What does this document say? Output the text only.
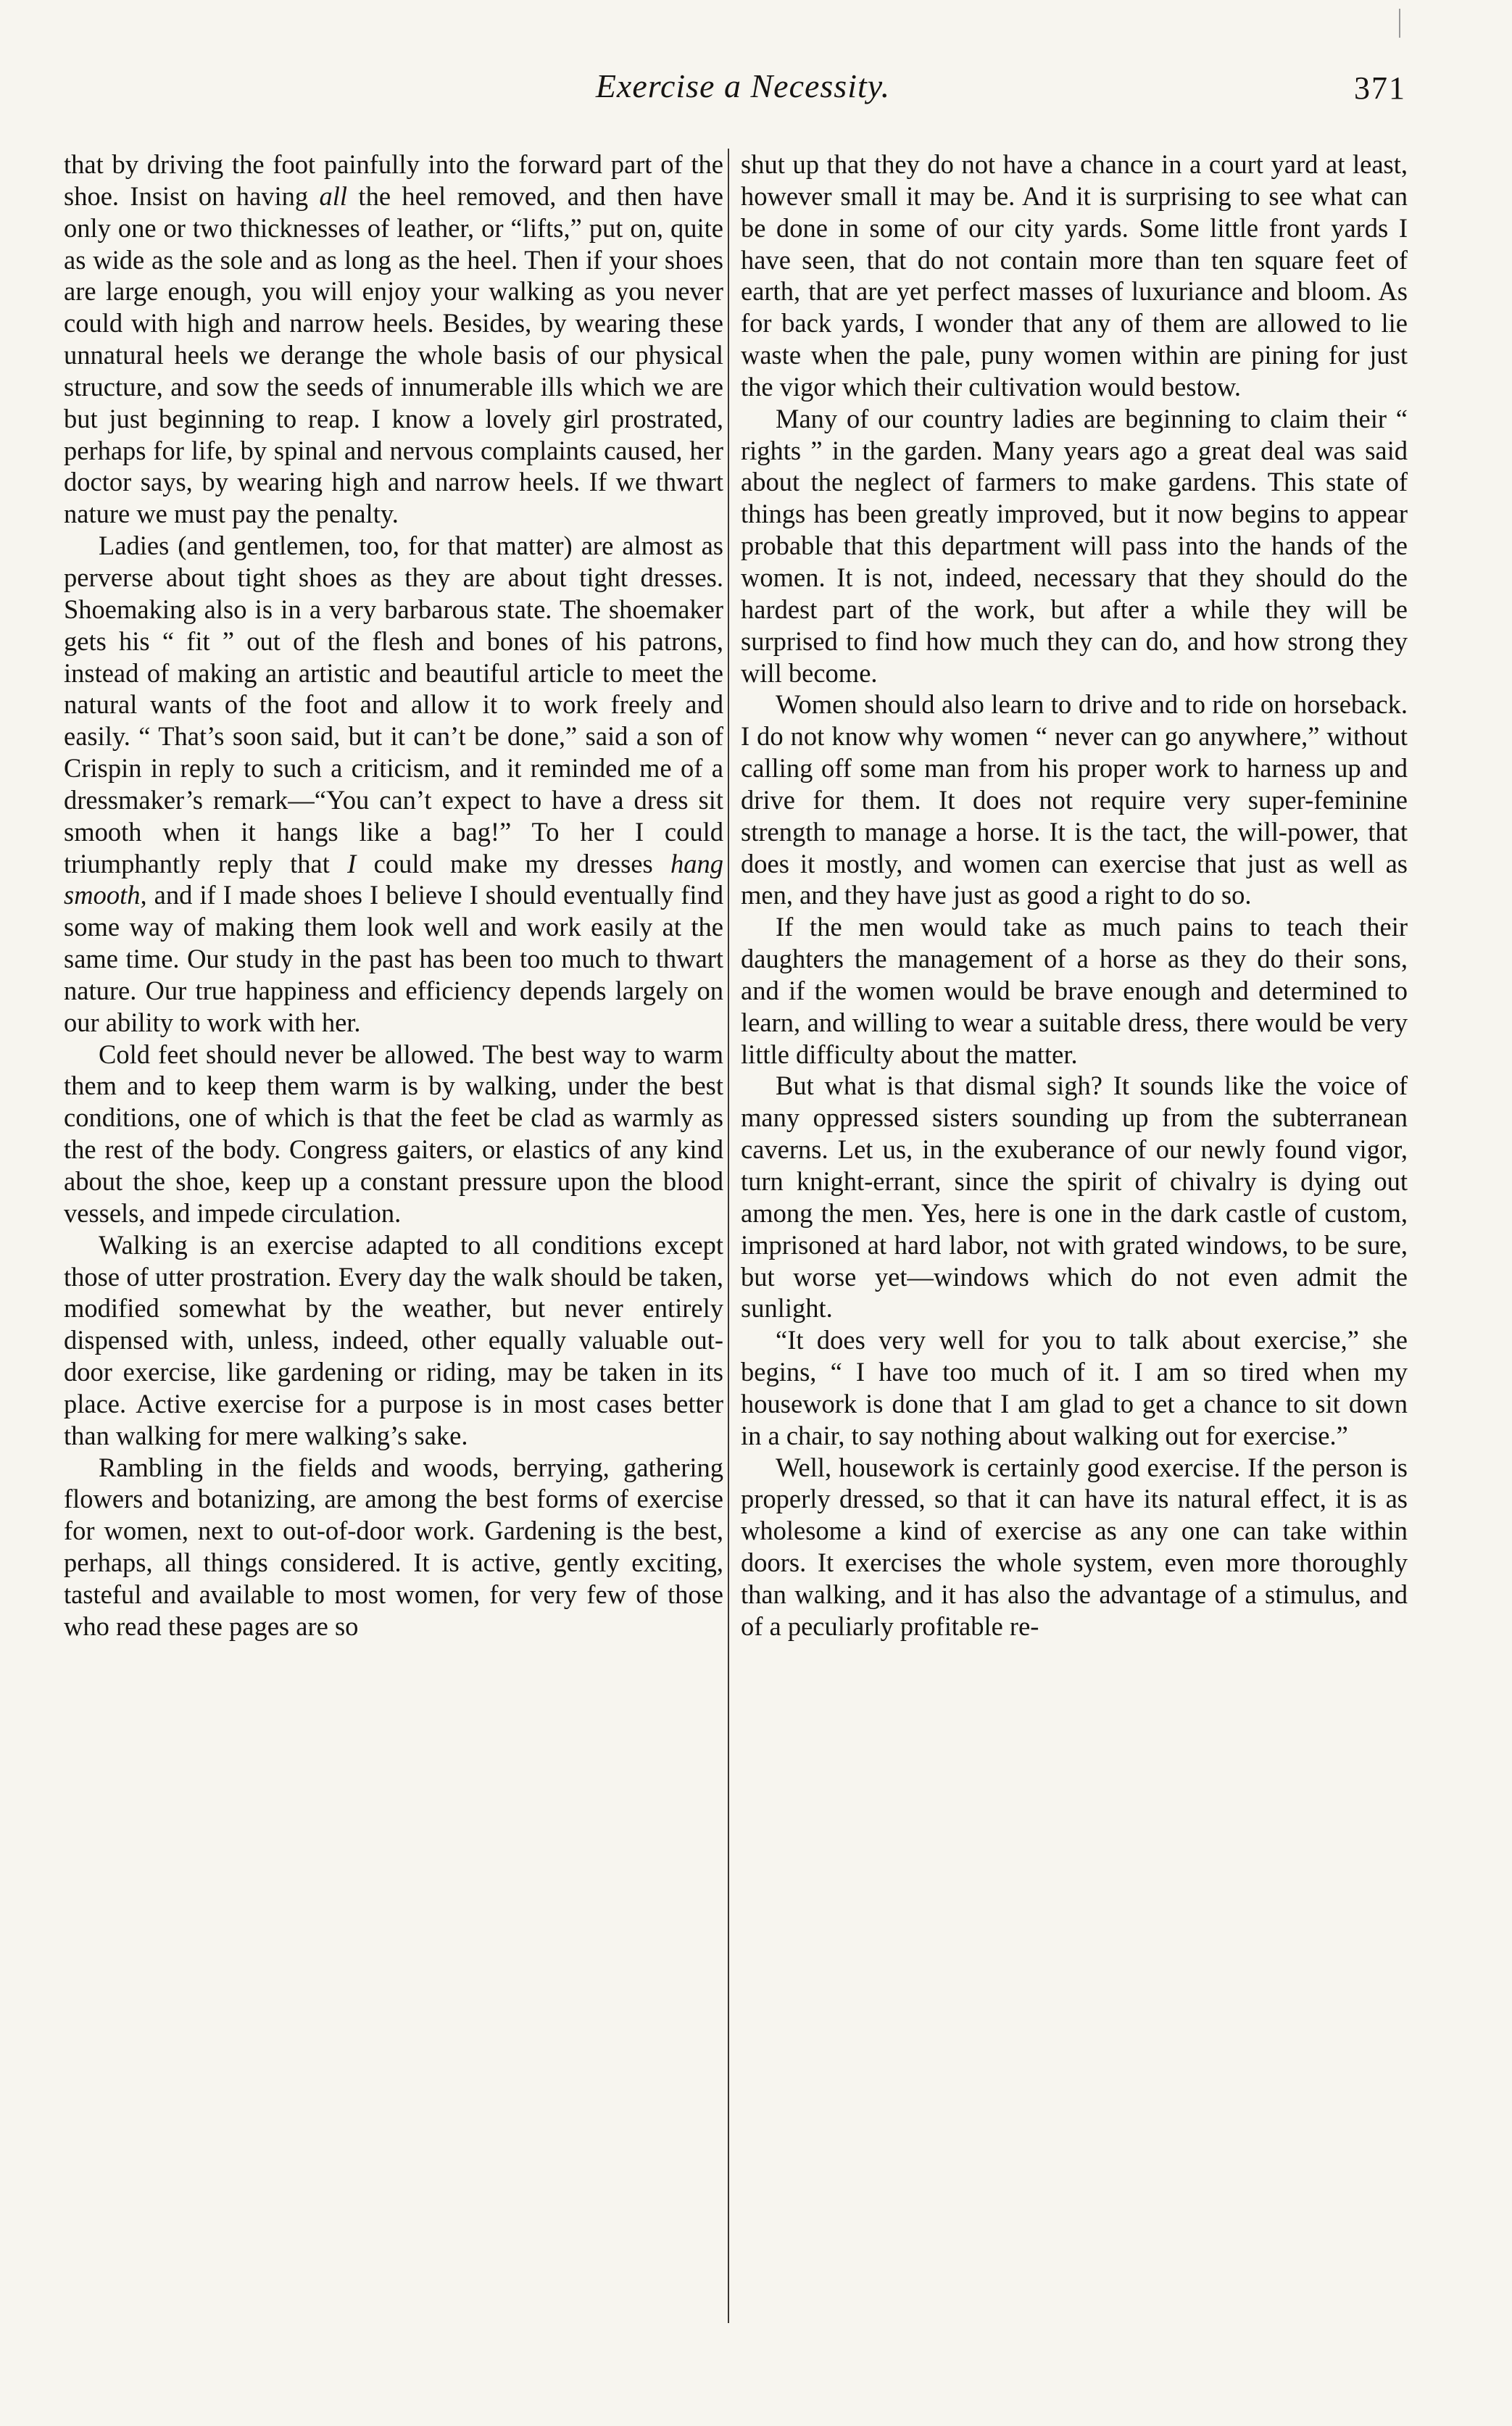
Exercise a Necessity.	371

that by driving the foot painfully into the forward part of the shoe. Insist on having all the heel removed, and then have only one or two thicknesses of leather, or “lifts,” put on, quite as wide as the sole and as long as the heel. Then if your shoes are large enough, you will enjoy your walking as you never could with high and narrow heels. Besides, by wearing these unnatural heels we derange the whole basis of our physical structure, and sow the seeds of innumerable ills which we are but just beginning to reap. I know a lovely girl prostrated, perhaps for life, by spinal and nervous complaints caused, her doctor says, by wearing high and narrow heels. If we thwart nature we must pay the penalty.

Ladies (and gentlemen, too, for that matter) are almost as perverse about tight shoes as they are about tight dresses. Shoemaking also is in a very barbarous state. The shoemaker gets his “ fit ” out of the flesh and bones of his patrons, instead of making an artistic and beautiful article to meet the natural wants of the foot and allow it to work freely and easily. “ That’s soon said, but it can’t be done,” said a son of Crispin in reply to such a criticism, and it reminded me of a dressmaker’s remark—“You can’t expect to have a dress sit smooth when it hangs like a bag!” To her I could triumphantly reply that I could make my dresses hang smooth, and if I made shoes I believe I should eventually find some way of making them look well and work easily at the same time. Our study in the past has been too much to thwart nature. Our true happiness and efficiency depends largely on our ability to work with her.

Cold feet should never be allowed. The best way to warm them and to keep them warm is by walking, under the best conditions, one of which is that the feet be clad as warmly as the rest of the body. Congress gaiters, or elastics of any kind about the shoe, keep up a constant pressure upon the blood vessels, and impede circulation.

Walking is an exercise adapted to all conditions except those of utter prostration. Every day the walk should be taken, modified somewhat by the weather, but never entirely dispensed with, unless, indeed, other equally valuable out-door exercise, like gardening or riding, may be taken in its place. Active exercise for a purpose is in most cases better than walking for mere walking’s sake.

Rambling in the fields and woods, berrying, gathering flowers and botanizing, are among the best forms of exercise for women, next to out-of-door work. Gardening is the best, perhaps, all things considered. It is active, gently exciting, tasteful and available to most women, for very few of those who read these pages are so

shut up that they do not have a chance in a court yard at least, however small it may be. And it is surprising to see what can be done in some of our city yards. Some little front yards I have seen, that do not contain more than ten square feet of earth, that are yet perfect masses of luxuriance and bloom. As for back yards, I wonder that any of them are allowed to lie waste when the pale, puny women within are pining for just the vigor which their cultivation would bestow.

Many of our country ladies are beginning to claim their “ rights ” in the garden. Many years ago a great deal was said about the neglect of farmers to make gardens. This state of things has been greatly improved, but it now begins to appear probable that this department will pass into the hands of the women. It is not, indeed, necessary that they should do the hardest part of the work, but after a while they will be surprised to find how much they can do, and how strong they will become.

Women should also learn to drive and to ride on horseback. I do not know why women “ never can go anywhere,” without calling off some man from his proper work to harness up and drive for them. It does not require very super-feminine strength to manage a horse. It is the tact, the will-power, that does it mostly, and women can exercise that just as well as men, and they have just as good a right to do so.

If the men would take as much pains to teach their daughters the management of a horse as they do their sons, and if the women would be brave enough and determined to learn, and willing to wear a suitable dress, there would be very little difficulty about the matter.

But what is that dismal sigh? It sounds like the voice of many oppressed sisters sounding up from the subterranean caverns. Let us, in the exuberance of our newly found vigor, turn knight-errant, since the spirit of chivalry is dying out among the men. Yes, here is one in the dark castle of custom, imprisoned at hard labor, not with grated windows, to be sure, but worse yet—windows which do not even admit the sunlight.

“It does very well for you to talk about exercise,” she begins, “ I have too much of it. I am so tired when my housework is done that I am glad to get a chance to sit down in a chair, to say nothing about walking out for exercise.”

Well, housework is certainly good exercise. If the person is properly dressed, so that it can have its natural effect, it is as wholesome a kind of exercise as any one can take within doors. It exercises the whole system, even more thoroughly than walking, and it has also the advantage of a stimulus, and of a peculiarly profitable re-
